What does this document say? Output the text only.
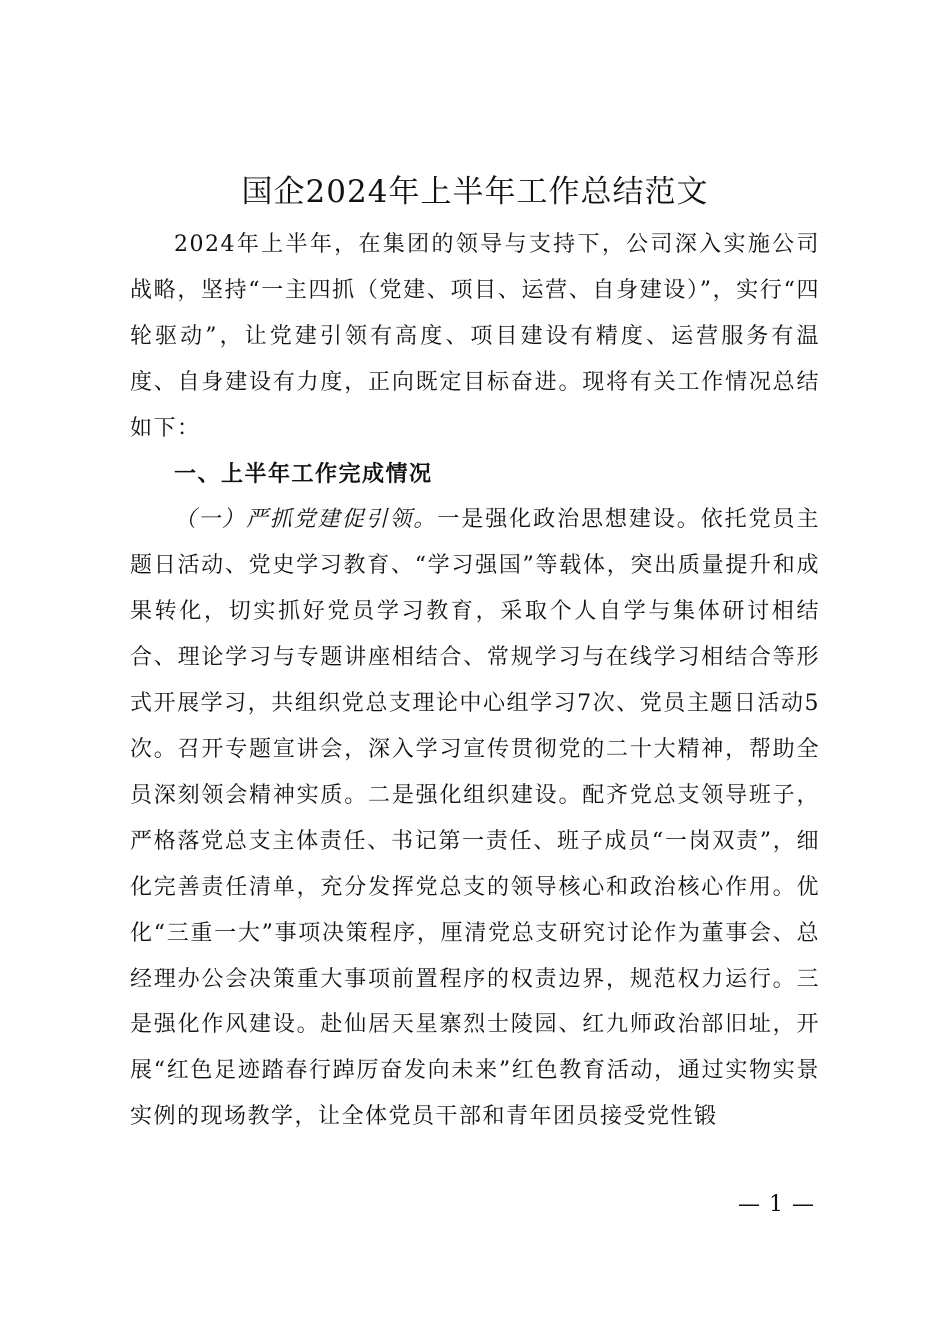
国企2024年上半年工作总结范文

2024年上半年，在集团的领导与支持下，公司深入实施公司战略，坚持“一主四抓（党建、项目、运营、自身建设）”，实行“四轮驱动”，让党建引领有高度、项目建设有精度、运营服务有温度、自身建设有力度，正向既定目标奋进。现将有关工作情况总结如下：

一、上半年工作完成情况

（一）严抓党建促引领。一是强化政治思想建设。依托党员主题日活动、党史学习教育、“学习强国”等载体，突出质量提升和成果转化，切实抓好党员学习教育，采取个人自学与集体研讨相结合、理论学习与专题讲座相结合、常规学习与在线学习相结合等形式开展学习，共组织党总支理论中心组学习7次、党员主题日活动5次。召开专题宣讲会，深入学习宣传贯彻党的二十大精神，帮助全员深刻领会精神实质。二是强化组织建设。配齐党总支领导班子，严格落党总支主体责任、书记第一责任、班子成员“一岗双责”，细化完善责任清单，充分发挥党总支的领导核心和政治核心作用。优化“三重一大”事项决策程序，厘清党总支研究讨论作为董事会、总经理办公会决策重大事项前置程序的权责边界，规范权力运行。三是强化作风建设。赴仙居天星寨烈士陵园、红九师政治部旧址，开展“红色足迹踏春行踔厉奋发向未来”红色教育活动，通过实物实景实例的现场教学，让全体党员干部和青年团员接受党性锻

— 1 —
